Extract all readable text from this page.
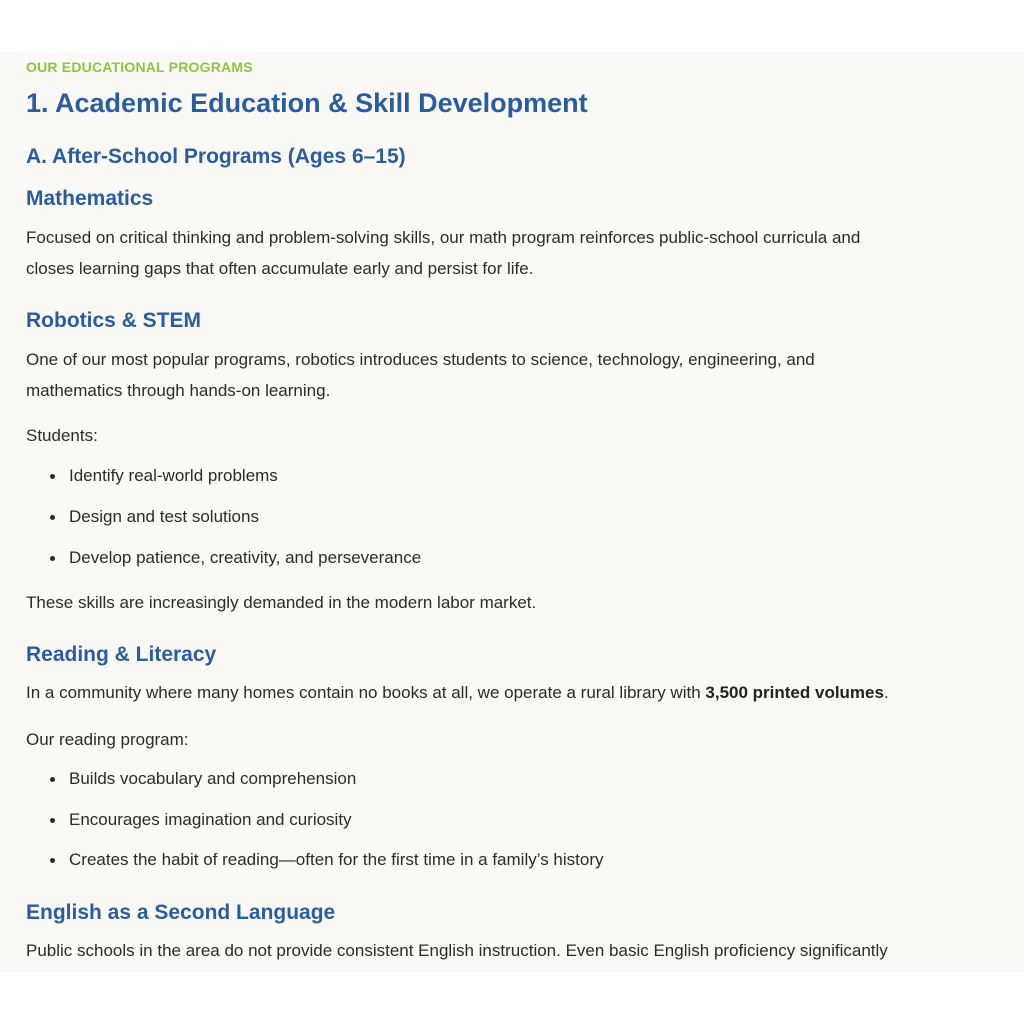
OUR EDUCATIONAL PROGRAMS
1. Academic Education & Skill Development
A. After-School Programs (Ages 6–15)
Mathematics

Focused on critical thinking and problem-solving skills, our math program reinforces public-school curricula and
closes learning gaps that often accumulate early and persist for life.

Robotics & STEM

One of our most popular programs, robotics introduces students to science, technology, engineering, and
mathematics through hands-on learning.

Students:

Identify real-world problems
Design and test solutions
Develop patience, creativity, and perseverance

These skills are increasingly demanded in the modern labor market.

Reading & Literacy

In a community where many homes contain no books at all, we operate a rural library with 3,500 printed volumes.

Our reading program:

Builds vocabulary and comprehension
Encourages imagination and curiosity
Creates the habit of reading—often for the first time in a family’s history
English as a Second Language

Public schools in the area do not provide consistent English instruction. Even basic English proficiency significantly
